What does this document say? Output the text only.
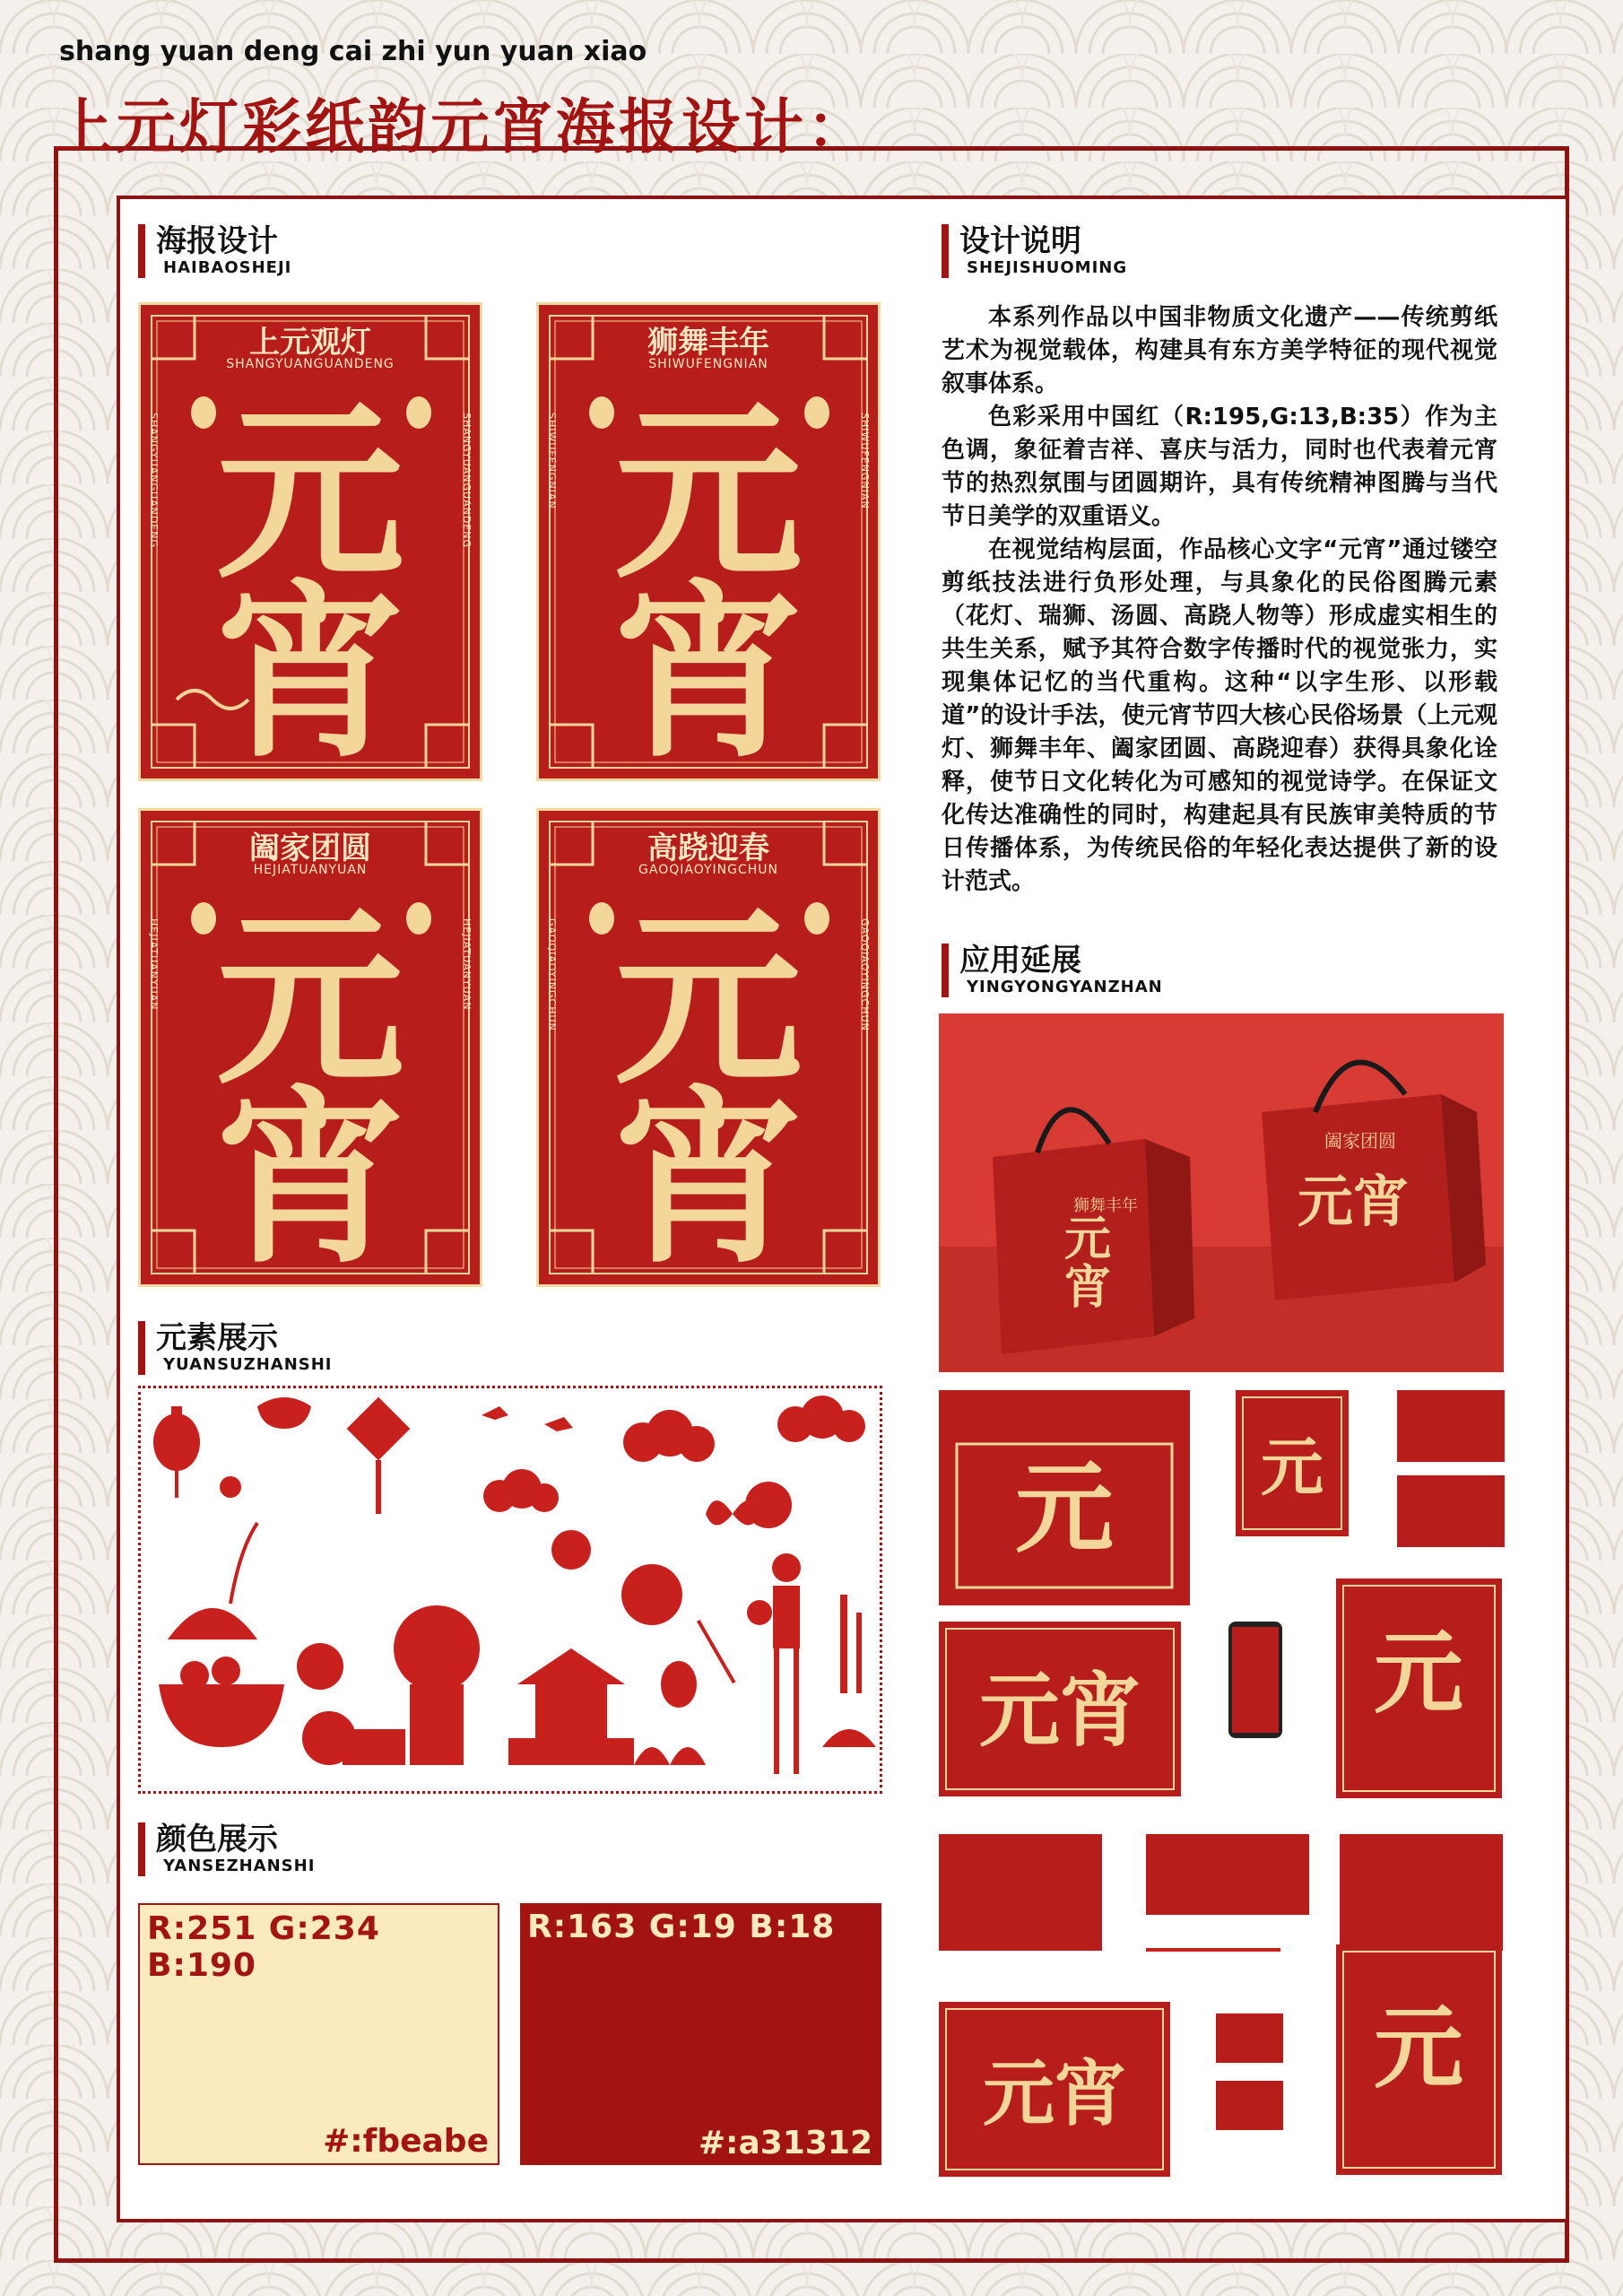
shang yuan deng cai zhi yun yuan xiao
上元灯彩纸韵元宵海报设计：
海报设计
HAIBAOSHEJI
上元观灯
SHANGYUANGUANDENG
SHANGYUANGUANDENG	SHANGYUANGUANDENG
元
宵
狮舞丰年
SHIWUFENGNIAN
SHIWUFENGNIAN	SHIWUFENGNIAN
元
宵
阖家团圆
HEJIATUANYUAN
HEJIATUANYUAN	HEJIATUANYUAN
元
宵
高跷迎春
GAOQIAOYINGCHUN
GAOQIAOYINGCHUN	GAOQIAOYINGCHUN
元
宵
元素展示
YUANSUZHANSHI
颜色展示
YANSEZHANSHI
R:251 G:234 B:190
#:fbeabe
R:163 G:19 B:18
#:a31312
设计说明
SHEJISHUOMING

本系列作品以中国非物质文化遗产——传统剪纸艺术为视觉载体，构建具有东方美学特征的现代视觉叙事体系。

色彩采用中国红（R:195,G:13,B:35）作为主色调，象征着吉祥、喜庆与活力，同时也代表着元宵节的热烈氛围与团圆期许，具有传统精神图腾与当代节日美学的双重语义。

在视觉结构层面，作品核心文字“元宵”通过镂空剪纸技法进行负形处理，与具象化的民俗图腾元素（花灯、瑞狮、汤圆、高跷人物等）形成虚实相生的共生关系，赋予其符合数字传播时代的视觉张力，实现集体记忆的当代重构。这种“以字生形、以形载道”的设计手法，使元宵节四大核心民俗场景（上元观灯、狮舞丰年、阖家团圆、高跷迎春）获得具象化诠释，使节日文化转化为可感知的视觉诗学。在保证文化传达准确性的同时，构建起具有民族审美特质的节日传播体系，为传统民俗的年轻化表达提供了新的设计范式。

应用延展
YINGYONGYANZHAN
狮舞丰年
元宵
阖家团圆
元宵
元 元
元宵	元
元宵	元
